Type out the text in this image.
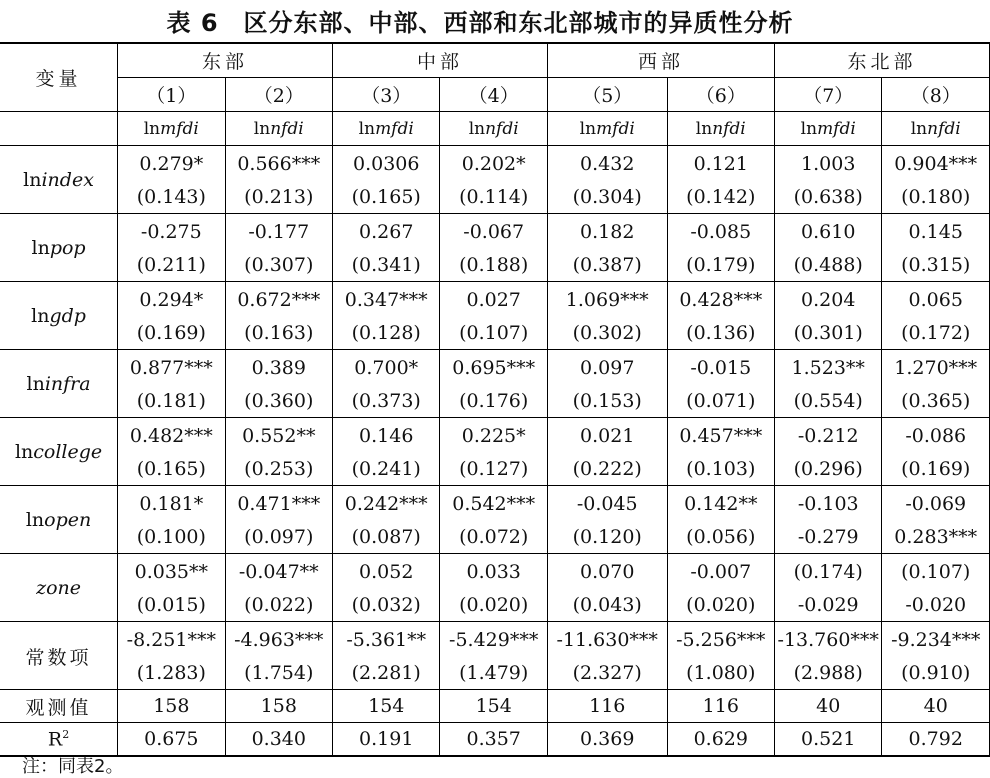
表 6　区分东部、中部、西部和东北部城市的异质性分析
变量	东部		中部		西部		东北部	
	（1）	（2）	（3）	（4）	（5）	（6）	（7）	（8）
	lnmfdi	lnnfdi	lnmfdi	lnnfdi	lnmfdi	lnnfdi	lnmfdi	lnnfdi
lnindex	0.279*	0.566***	0.0306	0.202*	0.432	0.121	1.003	0.904***
	(0.143)	(0.213)	(0.165)	(0.114)	(0.304)	(0.142)	(0.638)	(0.180)
lnpop	-0.275	-0.177	0.267	-0.067	0.182	-0.085	0.610	0.145
	(0.211)	(0.307)	(0.341)	(0.188)	(0.387)	(0.179)	(0.488)	(0.315)
lngdp	0.294*	0.672***	0.347***	0.027	1.069***	0.428***	0.204	0.065
	(0.169)	(0.163)	(0.128)	(0.107)	(0.302)	(0.136)	(0.301)	(0.172)
lninfra	0.877***	0.389	0.700*	0.695***	0.097	-0.015	1.523**	1.270***
	(0.181)	(0.360)	(0.373)	(0.176)	(0.153)	(0.071)	(0.554)	(0.365)
lncollege	0.482***	0.552**	0.146	0.225*	0.021	0.457***	-0.212	-0.086
	(0.165)	(0.253)	(0.241)	(0.127)	(0.222)	(0.103)	(0.296)	(0.169)
lnopen	0.181*	0.471***	0.242***	0.542***	-0.045	0.142**	-0.103	-0.069
	(0.100)	(0.097)	(0.087)	(0.072)	(0.120)	(0.056)	-0.279	0.283***
zone	0.035**	-0.047**	0.052	0.033	0.070	-0.007	(0.174)	(0.107)
	(0.015)	(0.022)	(0.032)	(0.020)	(0.043)	(0.020)	-0.029	-0.020
常数项	-8.251***	-4.963***	-5.361**	-5.429***	-11.630***	-5.256***	-13.760***	-9.234***
	(1.283)	(1.754)	(2.281)	(1.479)	(2.327)	(1.080)	(2.988)	(0.910)
观测值	158	158	154	154	116	116	40	40
$R^2$	0.675	0.340	0.191	0.357	0.369	0.629	0.521	0.792
注：同表2。
